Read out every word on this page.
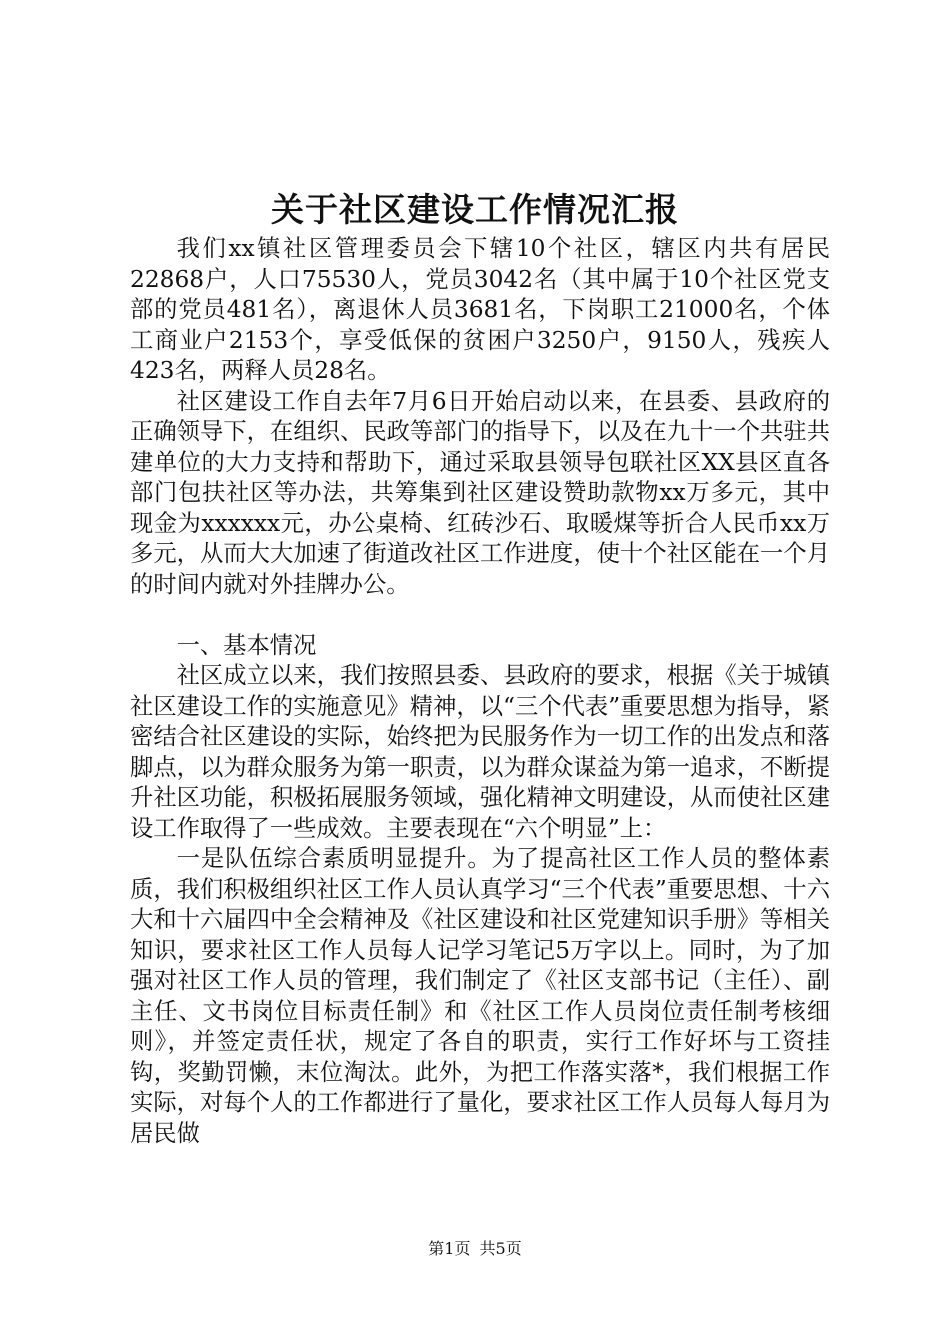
关于社区建设工作情况汇报

我们xx镇社区管理委员会下辖10个社区，辖区内共有居民22868户，人口75530人，党员3042名（其中属于10个社区党支部的党员481名），离退休人员3681名，下岗职工21000名，个体工商业户2153个，享受低保的贫困户3250户，9150人，残疾人423名，两释人员28名。

社区建设工作自去年7月6日开始启动以来，在县委、县政府的正确领导下，在组织、民政等部门的指导下，以及在九十一个共驻共建单位的大力支持和帮助下，通过采取县领导包联社区XX县区直各部门包扶社区等办法，共筹集到社区建设赞助款物xx万多元，其中现金为xxxxxx元，办公桌椅、红砖沙石、取暖煤等折合人民币xx万多元，从而大大加速了街道改社区工作进度，使十个社区能在一个月的时间内就对外挂牌办公。

一、基本情况

社区成立以来，我们按照县委、县政府的要求，根据《关于城镇社区建设工作的实施意见》精神，以“三个代表”重要思想为指导，紧密结合社区建设的实际，始终把为民服务作为一切工作的出发点和落脚点，以为群众服务为第一职责，以为群众谋益为第一追求，不断提升社区功能，积极拓展服务领域，强化精神文明建设，从而使社区建设工作取得了一些成效。主要表现在“六个明显”上：

一是队伍综合素质明显提升。为了提高社区工作人员的整体素质，我们积极组织社区工作人员认真学习“三个代表”重要思想、十六大和十六届四中全会精神及《社区建设和社区党建知识手册》等相关知识，要求社区工作人员每人记学习笔记5万字以上。同时，为了加强对社区工作人员的管理，我们制定了《社区支部书记（主任）、副主任、文书岗位目标责任制》和《社区工作人员岗位责任制考核细则》，并签定责任状，规定了各自的职责，实行工作好坏与工资挂钩，奖勤罚懒，末位淘汰。此外，为把工作落实落*，我们根据工作实际，对每个人的工作都进行了量化，要求社区工作人员每人每月为居民做

第1页 共5页
